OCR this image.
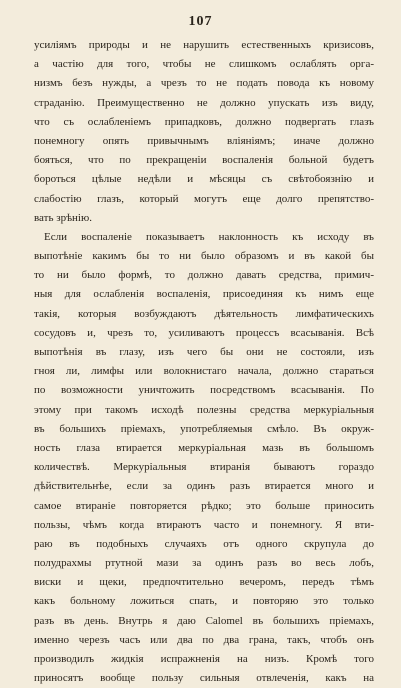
107
усиліямъ природы и не нарушить естественныхъ кризисовъ,
а частію для того, чтобы не слишкомъ ослаблять орга-
низмъ безъ нужды, а чрезъ то не подать повода къ новому
страданію. Преимущественно не должно упускать изъ виду,
что съ ослабленіемъ припадковъ, должно подвергать глазъ
понемногу опять привычнымъ вліяніямъ; иначе должно
бояться, что по прекращеніи воспаленія больной будетъ
бороться цѣлые недѣли и мѣсяцы съ свѣтобоязнію и
слабостію глазъ, который могутъ еще долго препятство-
вать зрѣнію.
Если воспаленіе показываетъ наклонность къ исходу въ
выпотѣніе какимъ бы то ни было образомъ и въ какой бы
то ни было формѣ, то должно давать средства, примич-
ныя для ослабленія воспаленія, присоединяя къ нимъ еще
такія, которыя возбуждаютъ дѣятельность лимфатическихъ
сосудовъ и, чрезъ то, усиливаютъ процессъ всасыванія. Всѣ
выпотѣнія въ глазу, изъ чего бы они не состояли, изъ
гноя ли, лимфы или волокнистаго начала, должно стараться
по возможности уничтожить посредствомъ всасыванія. По
этому при такомъ исходѣ полезны средства меркуріальныя
въ большихъ пріемахъ, употребляемыя смѣло. Въ окруж-
ность глаза втирается меркуріальная мазь въ большомъ
количествѣ. Меркуріальныя втиранія бываютъ гораздо
дѣйствительнѣе, если за одинъ разъ втирается много и
самое втираніе повторяется рѣдко; это больше приносить
пользы, чѣмъ когда втираютъ часто и понемногу. Я вти-
раю въ подобныхъ случаяхъ отъ одного скрупула до
полудрахмы ртутной мази за одинъ разъ во весь лобъ,
виски и щеки, предпочтительно вечеромъ, передъ тѣмъ
какъ больному ложиться спать, и повторяю это только
разъ въ день. Внутрь я даю Calomel въ большихъ пріемахъ,
именно черезъ часъ или два по два грана, такъ, чтобъ онъ
производилъ жидкія испражненія на низъ. Кромѣ того
приносятъ вообще пользу сильныя отвлеченія, какъ на
